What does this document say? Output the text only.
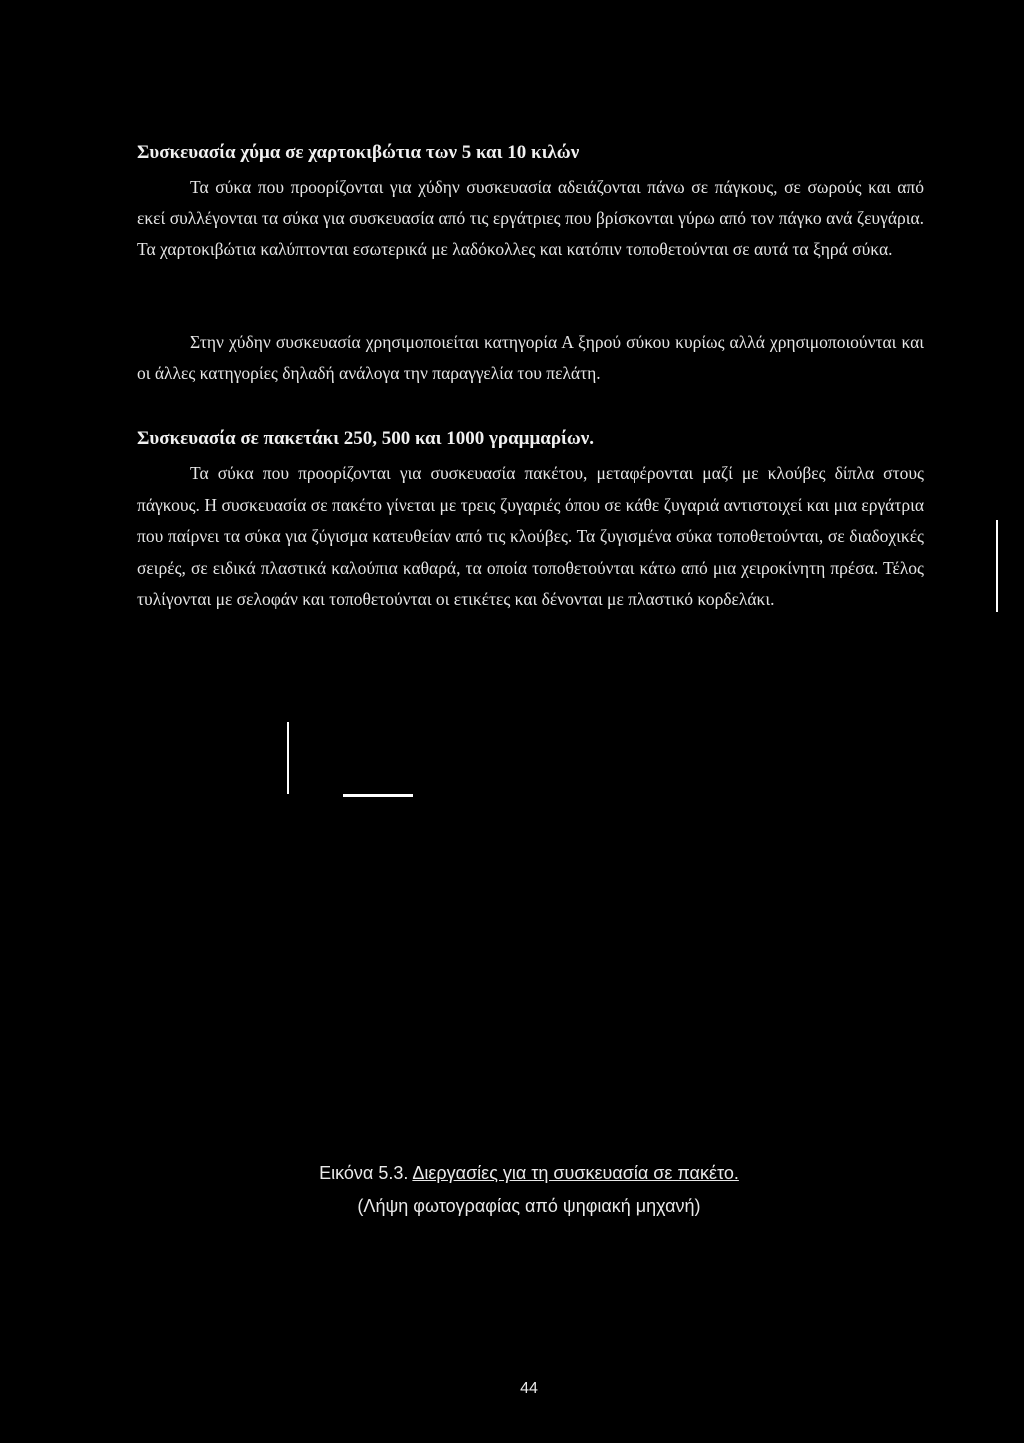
Συσκευασία χύμα σε χαρτοκιβώτια των 5 και 10 κιλών

Τα σύκα που προορίζονται για χύδην συσκευασία αδειάζονται πάνω σε πάγκους, σε σωρούς και από εκεί συλλέγονται τα σύκα για συσκευασία από τις εργάτριες που βρίσκονται γύρω από τον πάγκο ανά ζευγάρια. Τα χαρτοκιβώτια καλύπτονται εσωτερικά με λαδόκολλες και κατόπιν τοποθετούνται σε αυτά τα ξηρά σύκα.

Στην χύδην συσκευασία χρησιμοποιείται κατηγορία Α ξηρού σύκου κυρίως αλλά χρησιμοποιούνται και οι άλλες κατηγορίες δηλαδή ανάλογα την παραγγελία του πελάτη.

Συσκευασία σε πακετάκι 250, 500 και 1000 γραμμαρίων.

Τα σύκα που προορίζονται για συσκευασία πακέτου, μεταφέρονται μαζί με κλούβες δίπλα στους πάγκους. Η συσκευασία σε πακέτο γίνεται με τρεις ζυγαριές όπου σε κάθε ζυγαριά αντιστοιχεί και μια εργάτρια που παίρνει τα σύκα για ζύγισμα κατευθείαν από τις κλούβες. Τα ζυγισμένα σύκα τοποθετούνται, σε διαδοχικές σειρές, σε ειδικά πλαστικά καλούπια καθαρά, τα οποία τοποθετούνται κάτω από μια χειροκίνητη πρέσα. Τέλος τυλίγονται με σελοφάν και τοποθετούνται οι ετικέτες και δένονται με πλαστικό κορδελάκι.

Εικόνα 5.3. Διεργασίες για τη συσκευασία σε πακέτο.
(Λήψη φωτογραφίας από ψηφιακή μηχανή)
44
